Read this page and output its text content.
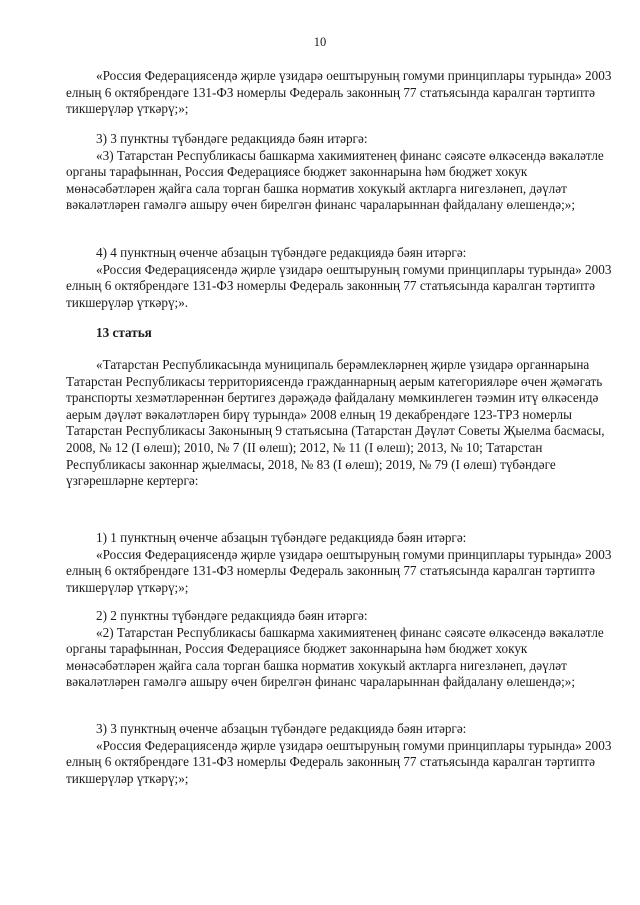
10

«Россия Федерациясендә җирле үзидарә оештыруның гомуми принциплары турында» 2003 елның 6 октябрендәге 131-ФЗ номерлы Федераль законның 77 статьясында каралган тәртиптә тикшерүләр үткәрү;»;

3) 3 пунктны түбәндәге редакциядә бәян итәргә:

«3) Татарстан Республикасы башкарма хакимиятенең финанс сәясәте өлкәсендә вәкаләтле органы тарафыннан, Россия Федерациясе бюджет законнарына һәм бюджет хокук мөнәсәбәтләрен җайга сала торган башка норматив хокукый актларга нигезләнеп, дәүләт вәкаләтләрен гамәлгә ашыру өчен бирелгән финанс чараларыннан файдалану өлешендә;»;

4) 4 пунктның өченче абзацын түбәндәге редакциядә бәян итәргә:

«Россия Федерациясендә җирле үзидарә оештыруның гомуми принциплары турында» 2003 елның 6 октябрендәге 131-ФЗ номерлы Федераль законның 77 статьясында каралган тәртиптә тикшерүләр үткәрү;».

13 статья

«Татарстан Республикасында муниципаль берәмлекләрнең җирле үзидарә органнарына Татарстан Республикасы территориясендә гражданнарның аерым категорияләре өчен җәмәгать транспорты хезмәтләреннән бертигез дәрәҗәдә файдалану мөмкинлеген тәэмин итү өлкәсендә аерым дәүләт вәкаләтләрен бирү турында» 2008 елның 19 декабрендәге 123-ТРЗ номерлы Татарстан Республикасы Законының 9 статьясына (Татарстан Дәүләт Советы Җыелма басмасы, 2008, № 12 (I өлеш); 2010, № 7 (II өлеш); 2012, № 11 (I өлеш); 2013, № 10; Татарстан Республикасы законнар җыелмасы, 2018, № 83 (I өлеш); 2019, № 79 (I өлеш) түбәндәге үзгәрешләрне кертергә:

1) 1 пунктның өченче абзацын түбәндәге редакциядә бәян итәргә:

«Россия Федерациясендә җирле үзидарә оештыруның гомуми принциплары турында» 2003 елның 6 октябрендәге 131-ФЗ номерлы Федераль законның 77 статьясында каралган тәртиптә тикшерүләр үткәрү;»;

2) 2 пунктны түбәндәге редакциядә бәян итәргә:

«2) Татарстан Республикасы башкарма хакимиятенең финанс сәясәте өлкәсендә вәкаләтле органы тарафыннан, Россия Федерациясе бюджет законнарына һәм бюджет хокук мөнәсәбәтләрен җайга сала торган башка норматив хокукый актларга нигезләнеп, дәүләт вәкаләтләрен гамәлгә ашыру өчен бирелгән финанс чараларыннан файдалану өлешендә;»;

3) 3 пунктның өченче абзацын түбәндәге редакциядә бәян итәргә:

«Россия Федерациясендә җирле үзидарә оештыруның гомуми принциплары турында» 2003 елның 6 октябрендәге 131-ФЗ номерлы Федераль законның 77 статьясында каралган тәртиптә тикшерүләр үткәрү;»;
